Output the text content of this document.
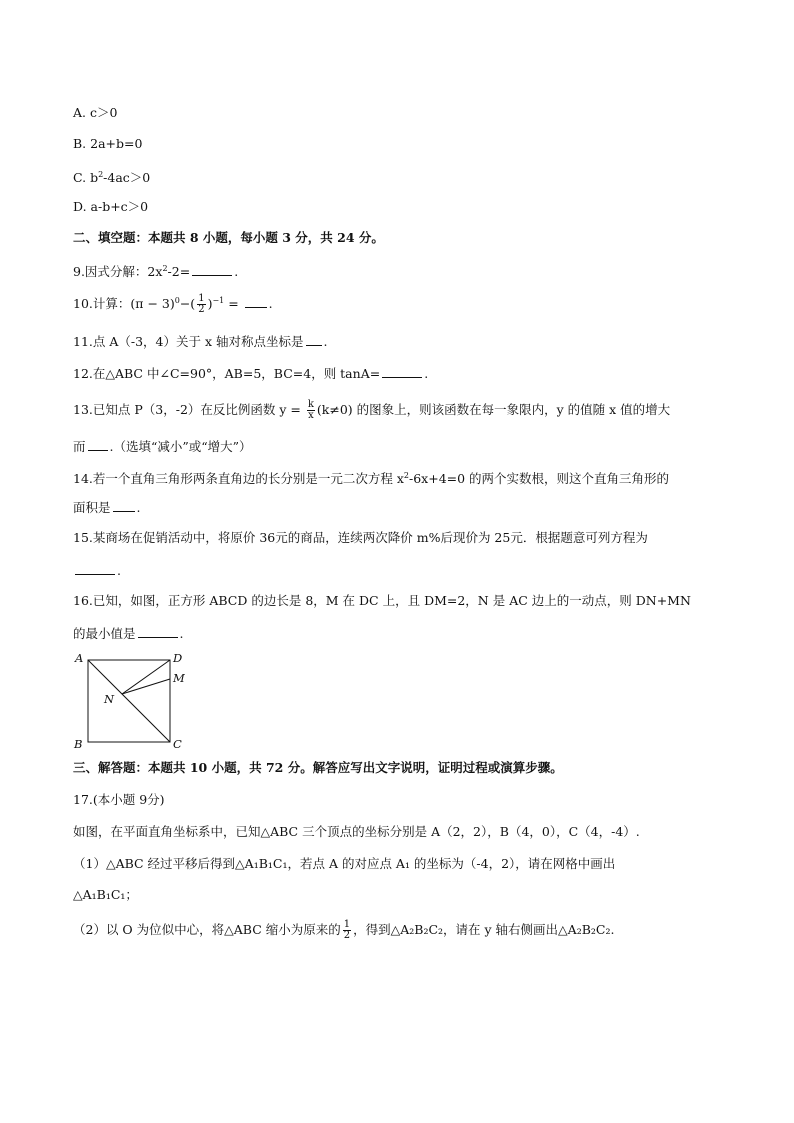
A. c＞0
B. 2a+b=0
C. $b^2-4ac>0$
D. a-b+c＞0
二、填空题：本题共 8 小题，每小题 3 分，共 24 分。
9.因式分解：$2x^2-2=$	.
10.计算：$(\pi - 3)^0-( \frac{1}{2} )^{-1}$ = .
11.点 A（-3，4）关于 x 轴对称点坐标是 .
12.在△ABC 中∠C=90°，AB=5，BC=4，则 tanA=	.
13.已知点 P（3，-2）在反比例函数 $y = \frac{k}{x} (k\ne 0)$ 的图象上，则该函数在每一象限内，y 的值随 x 值的增大
而 .（选填“减小”或“增大”）
14.若一个直角三角形两条直角边的长分别是一元二次方程 $x^2-6x+4=0$ 的两个实数根，则这个直角三角形的
面积是 .
15.某商场在促销活动中，将原价 36元的商品，连续两次降价 m%后现价为 25元．根据题意可列方程为
.
16.已知，如图，正方形 ABCD 的边长是 8，M 在 DC 上，且 DM=2，N 是 AC 边上的一动点，则 DN+MN
的最小值是	.
A	D
M
N
B	C
三、解答题：本题共 10 小题，共 72 分。解答应写出文字说明，证明过程或演算步骤。
17.(本小题 9分)
如图，在平面直角坐标系中，已知△ABC 三个顶点的坐标分别是 A（2，2），B（4，0），C（4，-4）.
（1）△ABC 经过平移后得到△A₁B₁C₁，若点 A 的对应点 A₁ 的坐标为（-4，2），请在网格中画出
△A₁B₁C₁；
（2）以 O 为位似中心，将△ABC 缩小为原来的 $\frac{1}{2}$ ，得到△A₂B₂C₂，请在 y 轴右侧画出△A₂B₂C₂.
